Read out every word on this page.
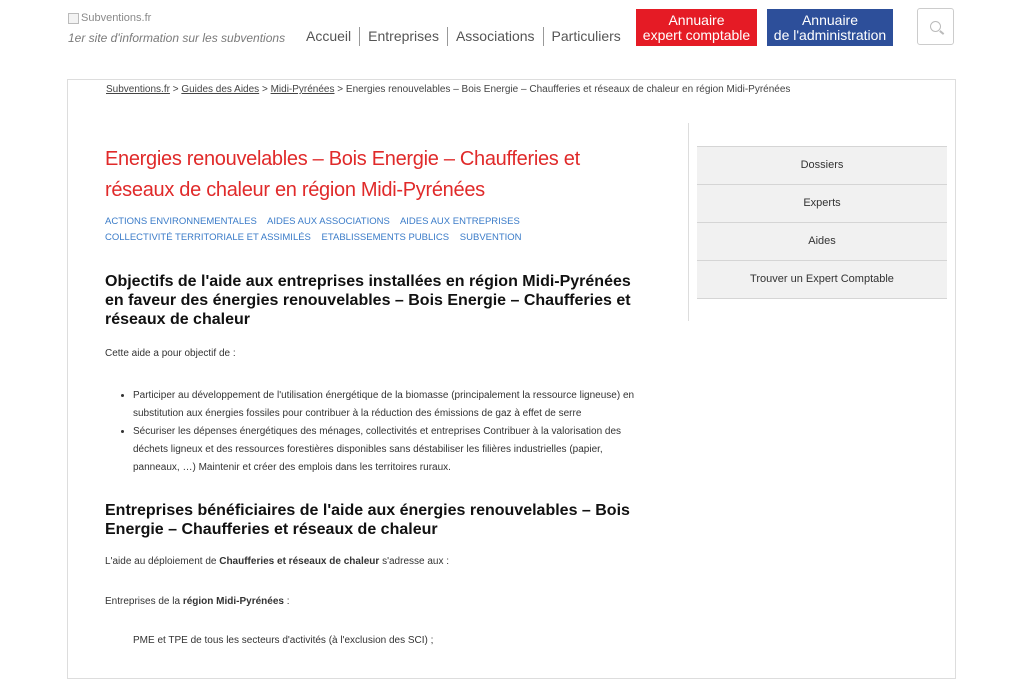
Subventions.fr
1er site d'information sur les subventions	Accueil	Entreprises	Associations	Particuliers
Annuaire
expert comptable
Annuaire
de l'administration
Subventions.fr > Guides des Aides > Midi-Pyrénées > Energies renouvelables – Bois Energie – Chaufferies et réseaux de chaleur en région Midi-Pyrénées
Energies renouvelables – Bois Energie – Chaufferies et réseaux de chaleur en région Midi-Pyrénées
ACTIONS ENVIRONNEMENTALES AIDES AUX ASSOCIATIONS AIDES AUX ENTREPRISES
COLLECTIVITÉ TERRITORIALE ET ASSIMILÉS ETABLISSEMENTS PUBLICS SUBVENTION
Objectifs de l'aide aux entreprises installées en région Midi-Pyrénées en faveur des énergies renouvelables – Bois Energie – Chaufferies et réseaux de chaleur

Cette aide a pour objectif de :

• Participer au développement de l'utilisation énergétique de la biomasse (principalement la ressource ligneuse) en substitution aux énergies fossiles pour contribuer à la réduction des émissions de gaz à effet de serre
• Sécuriser les dépenses énergétiques des ménages, collectivités et entreprises Contribuer à la valorisation des déchets ligneux et des ressources forestières disponibles sans déstabiliser les filières industrielles (papier, panneaux, …) Maintenir et créer des emplois dans les territoires ruraux.
Entreprises bénéficiaires de l'aide aux énergies renouvelables – Bois Energie – Chaufferies et réseaux de chaleur

L'aide au déploiement de Chaufferies et réseaux de chaleur s'adresse aux :

Entreprises de la région Midi-Pyrénées :

PME et TPE de tous les secteurs d'activités (à l'exclusion des SCI) ;
Dossiers
Experts
Aides
Trouver un Expert Comptable
